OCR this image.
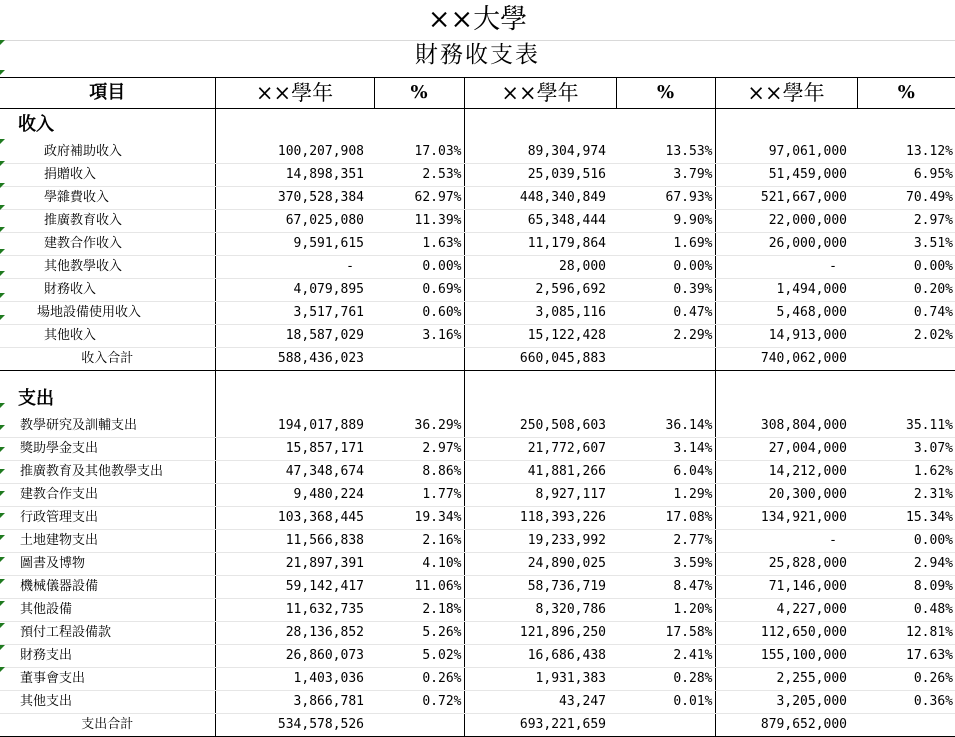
××大學
財務收支表
項目	××學年	%	××學年	%	××學年	%
收入						
政府補助收入	100,207,908	17.03%	89,304,974	13.53%	97,061,000	13.12%
捐贈收入	14,898,351	2.53%	25,039,516	3.79%	51,459,000	6.95%
學雜費收入	370,528,384	62.97%	448,340,849	67.93%	521,667,000	70.49%
推廣教育收入	67,025,080	11.39%	65,348,444	9.90%	22,000,000	2.97%
建教合作收入	9,591,615	1.63%	11,179,864	1.69%	26,000,000	3.51%
其他教學收入	-	0.00%	28,000	0.00%	-	0.00%
財務收入	4,079,895	0.69%	2,596,692	0.39%	1,494,000	0.20%
場地設備使用收入	3,517,761	0.60%	3,085,116	0.47%	5,468,000	0.74%
其他收入	18,587,029	3.16%	15,122,428	2.29%	14,913,000	2.02%
收入合計	588,436,023		660,045,883		740,062,000	

支出						
教學研究及訓輔支出	194,017,889	36.29%	250,508,603	36.14%	308,804,000	35.11%
獎助學金支出	15,857,171	2.97%	21,772,607	3.14%	27,004,000	3.07%
推廣教育及其他教學支出	47,348,674	8.86%	41,881,266	6.04%	14,212,000	1.62%
建教合作支出	9,480,224	1.77%	8,927,117	1.29%	20,300,000	2.31%
行政管理支出	103,368,445	19.34%	118,393,226	17.08%	134,921,000	15.34%
土地建物支出	11,566,838	2.16%	19,233,992	2.77%	-	0.00%
圖書及博物	21,897,391	4.10%	24,890,025	3.59%	25,828,000	2.94%
機械儀器設備	59,142,417	11.06%	58,736,719	8.47%	71,146,000	8.09%
其他設備	11,632,735	2.18%	8,320,786	1.20%	4,227,000	0.48%
預付工程設備款	28,136,852	5.26%	121,896,250	17.58%	112,650,000	12.81%
財務支出	26,860,073	5.02%	16,686,438	2.41%	155,100,000	17.63%
董事會支出	1,403,036	0.26%	1,931,383	0.28%	2,255,000	0.26%
其他支出	3,866,781	0.72%	43,247	0.01%	3,205,000	0.36%
支出合計	534,578,526		693,221,659		879,652,000	
